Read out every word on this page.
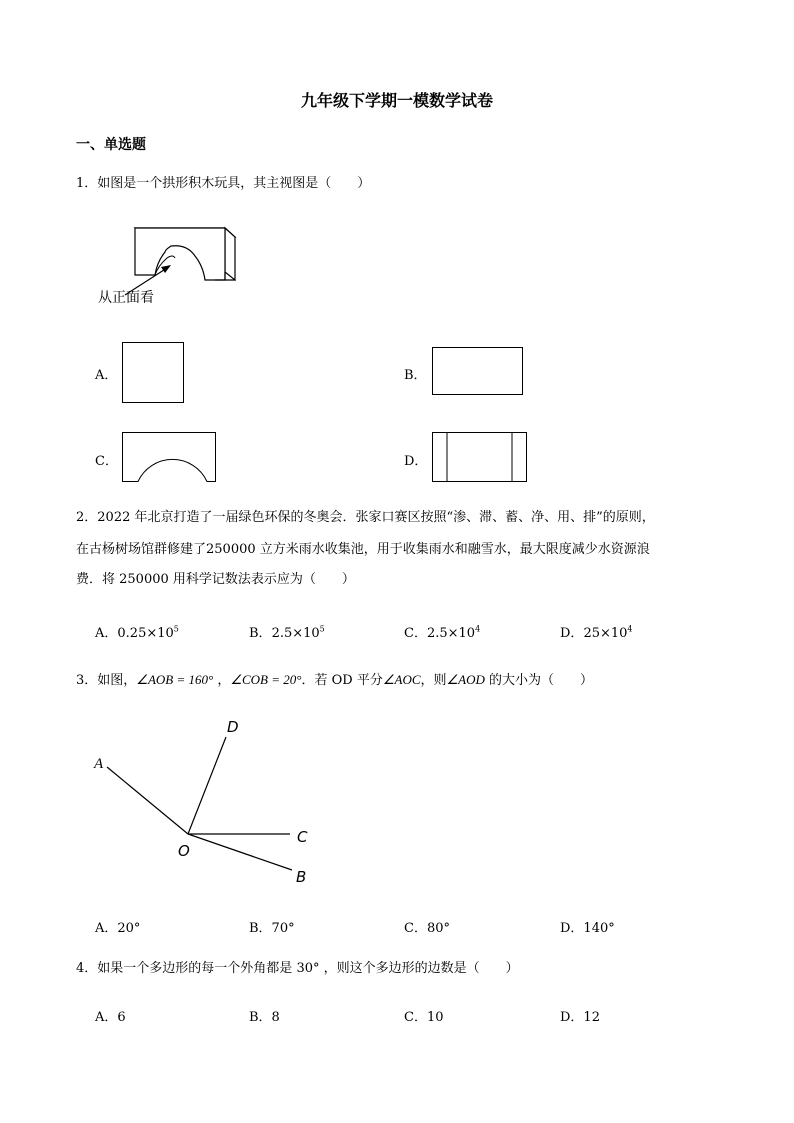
九年级下学期一模数学试卷
一、单选题
1．如图是一个拱形积木玩具，其主视图是（　　）
从正面看
A．	B．
C．	D．
2．2022 年北京打造了一届绿色环保的冬奥会．张家口赛区按照“渗、滞、蓄、净、用、排”的原则，
在古杨树场馆群修建了250000 立方米雨水收集池，用于收集雨水和融雪水，最大限度减少水资源浪
费．将 250000 用科学记数法表示应为（　　）
A．$0.25\times 10^5$	B．$2.5\times 10^5$	C．$2.5\times 10^4$	D．$25\times 10^4$
3．如图，∠AOB = 160° ，∠COB = 20°．若 OD 平分∠AOC，则∠AOD 的大小为（　　）
A
D
C
O
B
A．20°	B．70°	C．80°	D．140°
4．如果一个多边形的每一个外角都是 30° ，则这个多边形的边数是（　　）
A．6	B．8	C．10	D．12
